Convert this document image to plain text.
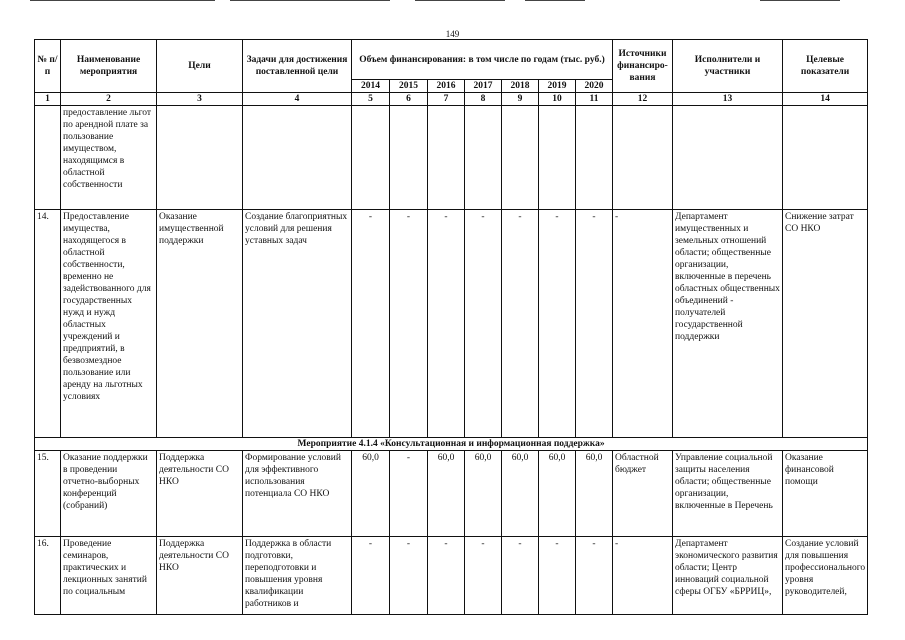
149
№ п/п	Наименование мероприятия	Цели	Задачи для достижения поставленной цели	Объем финансирования: в том числе по годам (тыс. руб.)							Источники финансиро-вания	Исполнители и участники	Целевые показатели
				2014	2015	2016	2017	2018	2019	2020			
1	2	3	4	5	6	7	8	9	10	11	12	13	14
	предоставление льгот по арендной плате за пользование имуществом, находящимся в областной собственности												
14.	Предоставление имущества, находящегося в областной собственности, временно не задействованного для государственных нужд и нужд областных учреждений и предприятий, в безвозмездное пользование или аренду на льготных условиях	Оказание имущественной поддержки	Создание благоприятных условий для решения уставных задач	-	-	-	-	-	-	-	-	Департамент имущественных и земельных отношений области; общественные организации, включенные в перечень областных общественных объединений - получателей государственной поддержки	Снижение затрат СО НКО
Мероприятие 4.1.4 «Консультационная и информационная поддержка»													
15.	Оказание поддержки в проведении отчетно-выборных конференций (собраний)	Поддержка деятельности СО НКО	Формирование условий для эффективного использования потенциала СО НКО	60,0	-	60,0	60,0	60,0	60,0	60,0	Областной бюджет	Управление социальной защиты населения области; общественные организации, включенные в Перечень	Оказание финансовой помощи
16.	Проведение семинаров, практических и лекционных занятий по социальным	Поддержка деятельности СО НКО	Поддержка в области подготовки, переподготовки и повышения уровня квалификации работников и	-	-	-	-	-	-	-	-	Департамент экономического развития области; Центр инноваций социальной сферы ОГБУ «БРРИЦ»,	Создание условий для повышения профессионального уровня руководителей,
